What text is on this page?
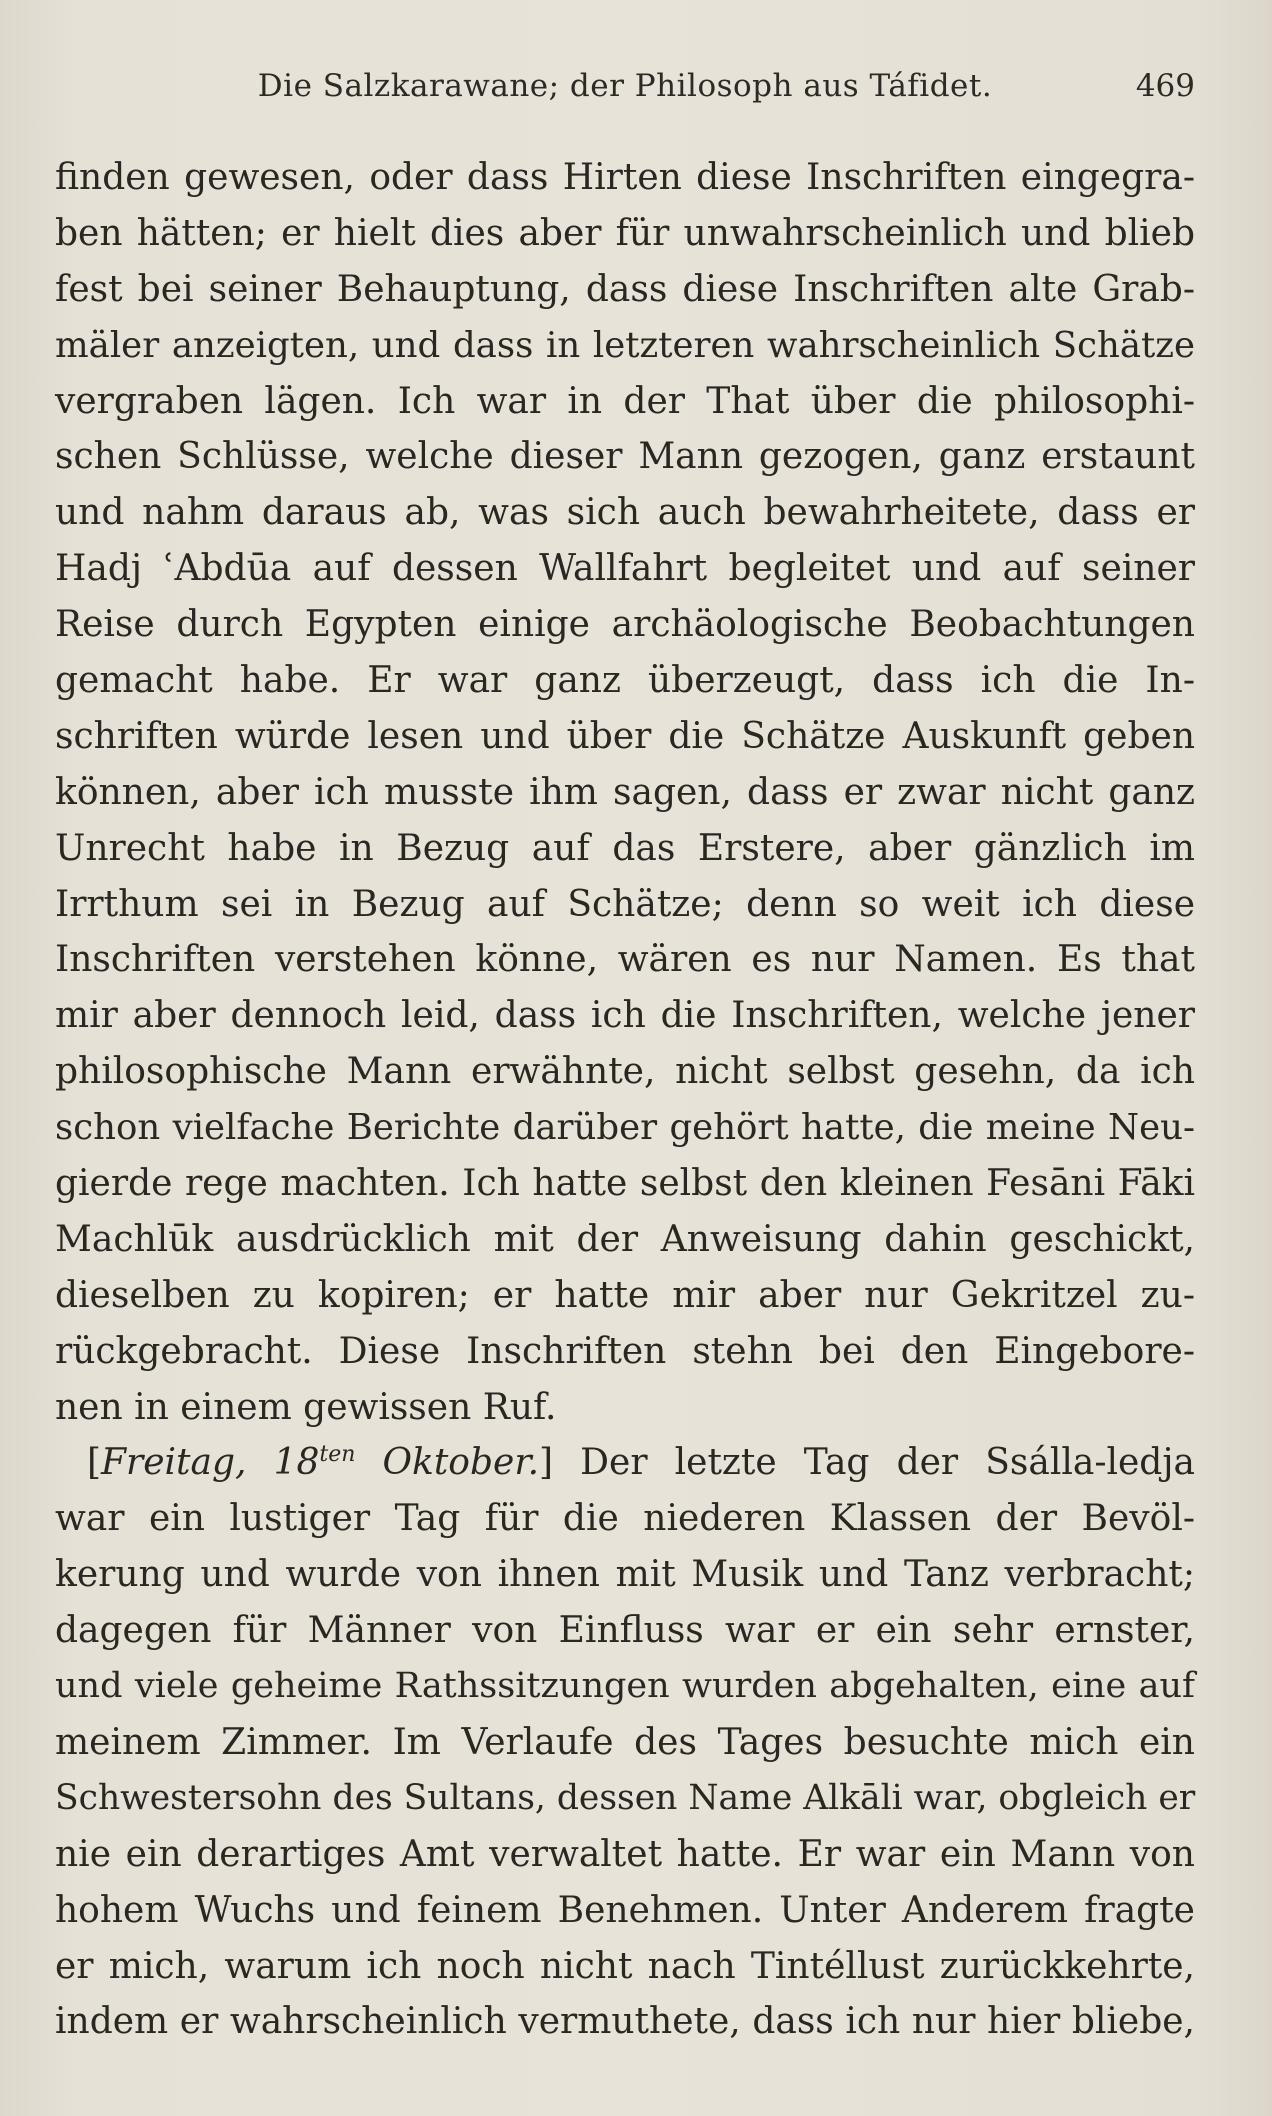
Die Salzkarawane; der Philosoph aus Táfidet.	469
finden gewesen, oder dass Hirten diese Inschriften eingegra-
ben hätten; er hielt dies aber für unwahrscheinlich und blieb
fest bei seiner Behauptung, dass diese Inschriften alte Grab-
mäler anzeigten, und dass in letzteren wahrscheinlich Schätze
vergraben lägen. Ich war in der That über die philosophi-
schen Schlüsse, welche dieser Mann gezogen, ganz erstaunt
und nahm daraus ab, was sich auch bewahrheitete, dass er
Hadj ʿAbdūa auf dessen Wallfahrt begleitet und auf seiner
Reise durch Egypten einige archäologische Beobachtungen
gemacht habe. Er war ganz überzeugt, dass ich die In-
schriften würde lesen und über die Schätze Auskunft geben
können, aber ich musste ihm sagen, dass er zwar nicht ganz
Unrecht habe in Bezug auf das Erstere, aber gänzlich im
Irrthum sei in Bezug auf Schätze; denn so weit ich diese
Inschriften verstehen könne, wären es nur Namen. Es that
mir aber dennoch leid, dass ich die Inschriften, welche jener
philosophische Mann erwähnte, nicht selbst gesehn, da ich
schon vielfache Berichte darüber gehört hatte, die meine Neu-
gierde rege machten. Ich hatte selbst den kleinen Fesāni Fāki
Machlūk ausdrücklich mit der Anweisung dahin geschickt,
dieselben zu kopiren; er hatte mir aber nur Gekritzel zu-
rückgebracht. Diese Inschriften stehn bei den Eingebore-
nen in einem gewissen Ruf.
[Freitag, $18^{ten}$ Oktober.] Der letzte Tag der Ssálla-ledja
war ein lustiger Tag für die niederen Klassen der Bevöl-
kerung und wurde von ihnen mit Musik und Tanz verbracht;
dagegen für Männer von Einfluss war er ein sehr ernster,
und viele geheime Rathssitzungen wurden abgehalten, eine auf
meinem Zimmer. Im Verlaufe des Tages besuchte mich ein
Schwestersohn des Sultans, dessen Name Alkāli war, obgleich er
nie ein derartiges Amt verwaltet hatte. Er war ein Mann von
hohem Wuchs und feinem Benehmen. Unter Anderem fragte
er mich, warum ich noch nicht nach Tintéllust zurückkehrte,
indem er wahrscheinlich vermuthete, dass ich nur hier bliebe,
